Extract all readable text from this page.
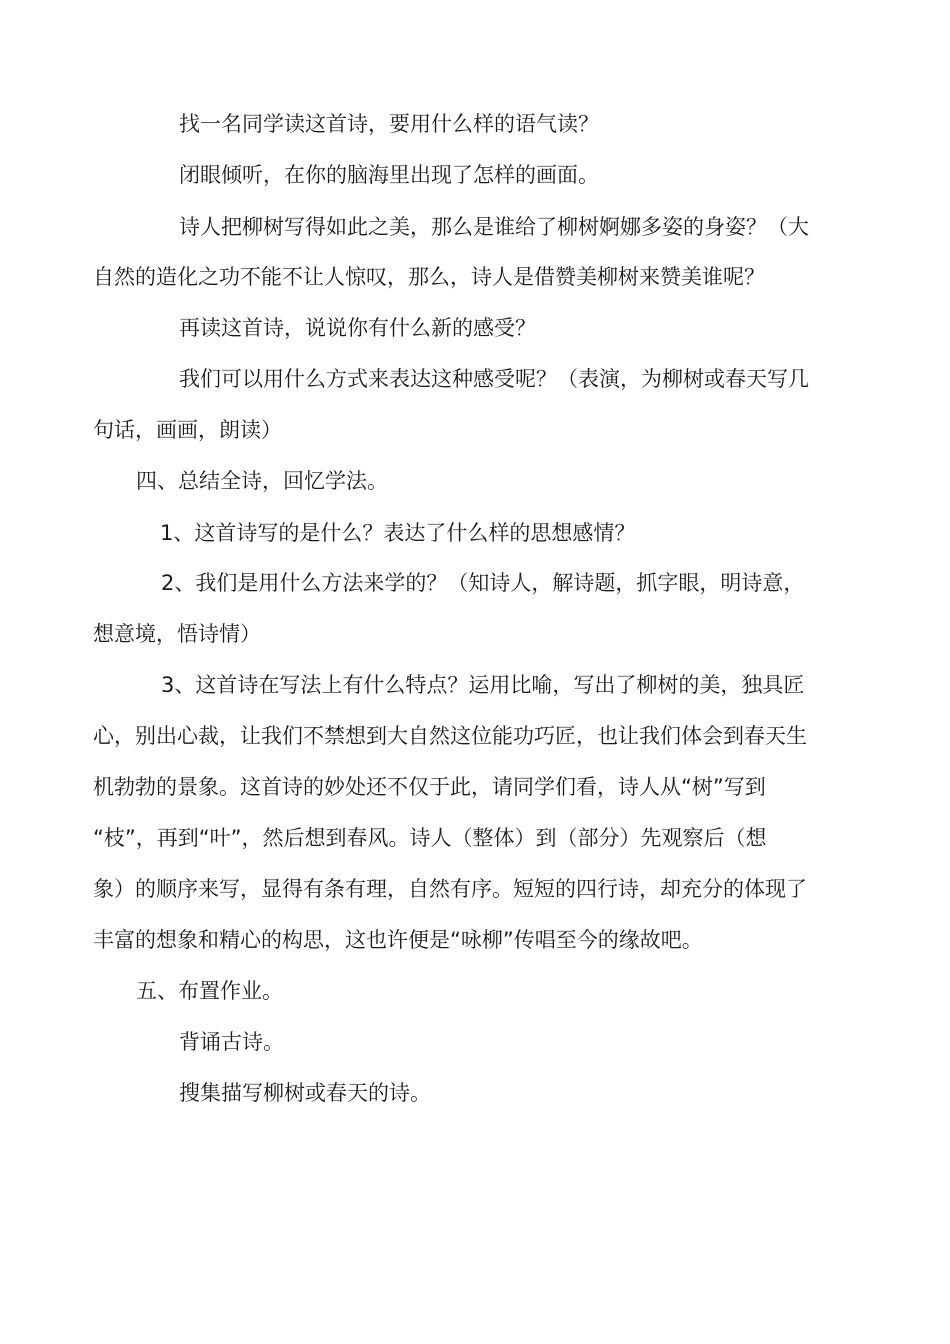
找一名同学读这首诗，要用什么样的语气读？
闭眼倾听，在你的脑海里出现了怎样的画面。
诗人把柳树写得如此之美，那么是谁给了柳树婀娜多姿的身姿？（大
自然的造化之功不能不让人惊叹，那么，诗人是借赞美柳树来赞美谁呢？
再读这首诗，说说你有什么新的感受？
我们可以用什么方式来表达这种感受呢？（表演，为柳树或春天写几
句话，画画，朗读）
四、总结全诗，回忆学法。
1、这首诗写的是什么？表达了什么样的思想感情？
2、我们是用什么方法来学的？（知诗人，解诗题，抓字眼，明诗意，
想意境，悟诗情）
3、这首诗在写法上有什么特点？运用比喻，写出了柳树的美，独具匠
心，别出心裁，让我们不禁想到大自然这位能功巧匠，也让我们体会到春天生
机勃勃的景象。这首诗的妙处还不仅于此，请同学们看，诗人从“树”写到
“枝”，再到“叶”，然后想到春风。诗人（整体）到（部分）先观察后（想
象）的顺序来写，显得有条有理，自然有序。短短的四行诗，却充分的体现了
丰富的想象和精心的构思，这也许便是“咏柳”传唱至今的缘故吧。
五、布置作业。
背诵古诗。
搜集描写柳树或春天的诗。
